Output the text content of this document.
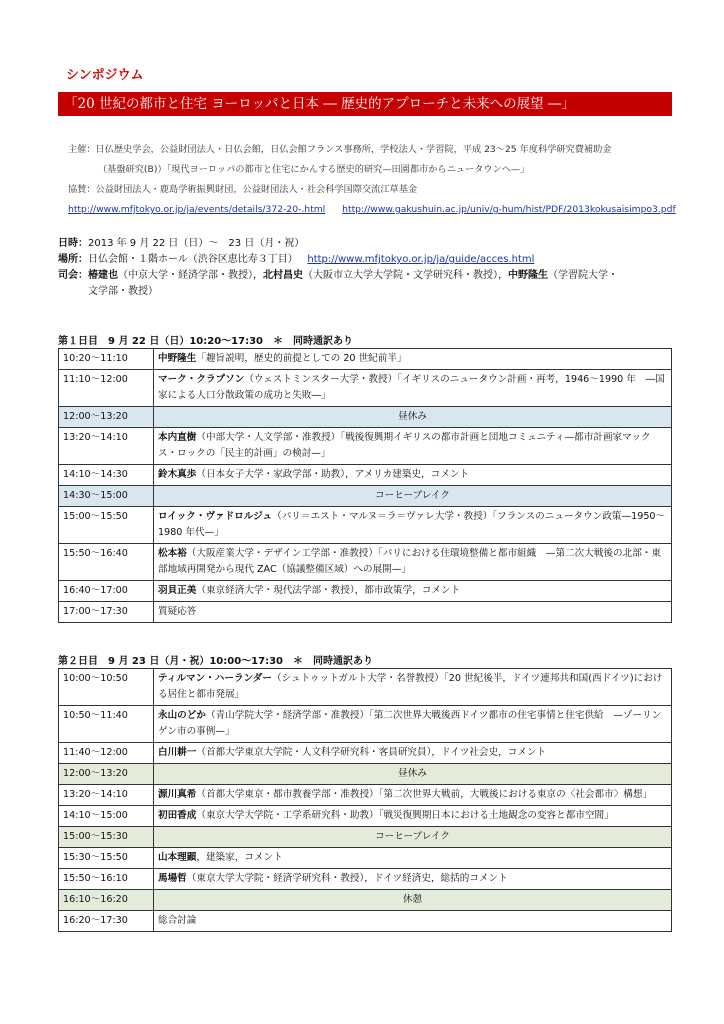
シンポジウム
「20 世紀の都市と住宅 ヨーロッパと日本 ― 歴史的アプローチと未来への展望 ―」
主催：日仏歴史学会，公益財団法人・日仏会館，日仏会館フランス事務所，学校法人・学習院，平成 23～25 年度科学研究費補助金
（基盤研究(B)）「現代ヨーロッパの都市と住宅にかんする歴史的研究—田園都市からニュータウンへ—」
協賛：公益財団法人・鹿島学術振興財団，公益財団法人・社会科学国際交流江草基金
http://www.mfjtokyo.or.jp/ja/events/details/372-20-.html http://www.gakushuin.ac.jp/univ/g-hum/hist/PDF/2013kokusaisimpo3.pdf
日時：2013 年 9 月 22 日（日）～　23 日（月・祝）
場所：日仏会館・１階ホール（渋谷区恵比寿３丁目） http://www.mfjtokyo.or.jp/ja/guide/acces.html
司会：椿建也（中京大学・経済学部・教授），北村昌史（大阪市立大学大学院・文学研究科・教授），中野隆生（学習院大学・
文学部・教授）
第１日目　9 月 22 日（日）10:20～17:30　＊　同時通訳あり
10:20～11:10	中野隆生「趣旨説明，歴史的前提としての 20 世紀前半」
11:10～12:00	マーク・クラプソン（ウェストミンスター大学・教授）「イギリスのニュータウン計画・再考，1946～1990 年　―国家による人口分散政策の成功と失敗―」
12:00～13:20	昼休み
13:20～14:10	本内直樹（中部大学・人文学部・准教授）「戦後復興期イギリスの都市計画と団地コミュニティ—都市計画家マックス・ロックの「民主的計画」の検討—」
14:10～14:30	鈴木真歩（日本女子大学・家政学部・助教），アメリカ建築史，コメント
14:30～15:00	コーヒーブレイク
15:00～15:50	ロイック・ヴァドロルジュ（パリ＝エスト・マルヌ＝ラ＝ヴァレ大学・教授）「フランスのニュータウン政策—1950～1980 年代—」
15:50～16:40	松本裕（大阪産業大学・デザイン工学部・准教授）「パリにおける住環境整備と都市組織　—第二次大戦後の北部・東部地域再開発から現代 ZAC（協議整備区域）への展開—」
16:40～17:00	羽貝正美（東京経済大学・現代法学部・教授），都市政策学，コメント
17:00～17:30	質疑応答
第２日目　9 月 23 日（月・祝）10:00～17:30　＊　同時通訳あり
10:00～10:50	ティルマン・ハーランダー（シュトゥットガルト大学・名誉教授）「20 世紀後半，ドイツ連邦共和国(西ドイツ)における居住と都市発展」
10:50～11:40	永山のどか（青山学院大学・経済学部・准教授）「第二次世界大戦後西ドイツ都市の住宅事情と住宅供給　—ゾーリンゲン市の事例—」
11:40～12:00	白川耕一（首都大学東京大学院・人文科学研究科・客員研究員），ドイツ社会史，コメント
12:00～13:20	昼休み
13:20～14:10	源川真希（首都大学東京・都市教養学部・准教授）「第二次世界大戦前，大戦後における東京の〈社会都市〉構想」
14:10～15:00	初田香成（東京大学大学院・工学系研究科・助教）「戦災復興期日本における土地観念の変容と都市空間」
15:00～15:30	コーヒーブレイク
15:30～15:50	山本理顕，建築家，コメント
15:50～16:10	馬場哲（東京大学大学院・経済学研究科・教授），ドイツ経済史，総括的コメント
16:10～16:20	休憩
16:20～17:30	総合討論
